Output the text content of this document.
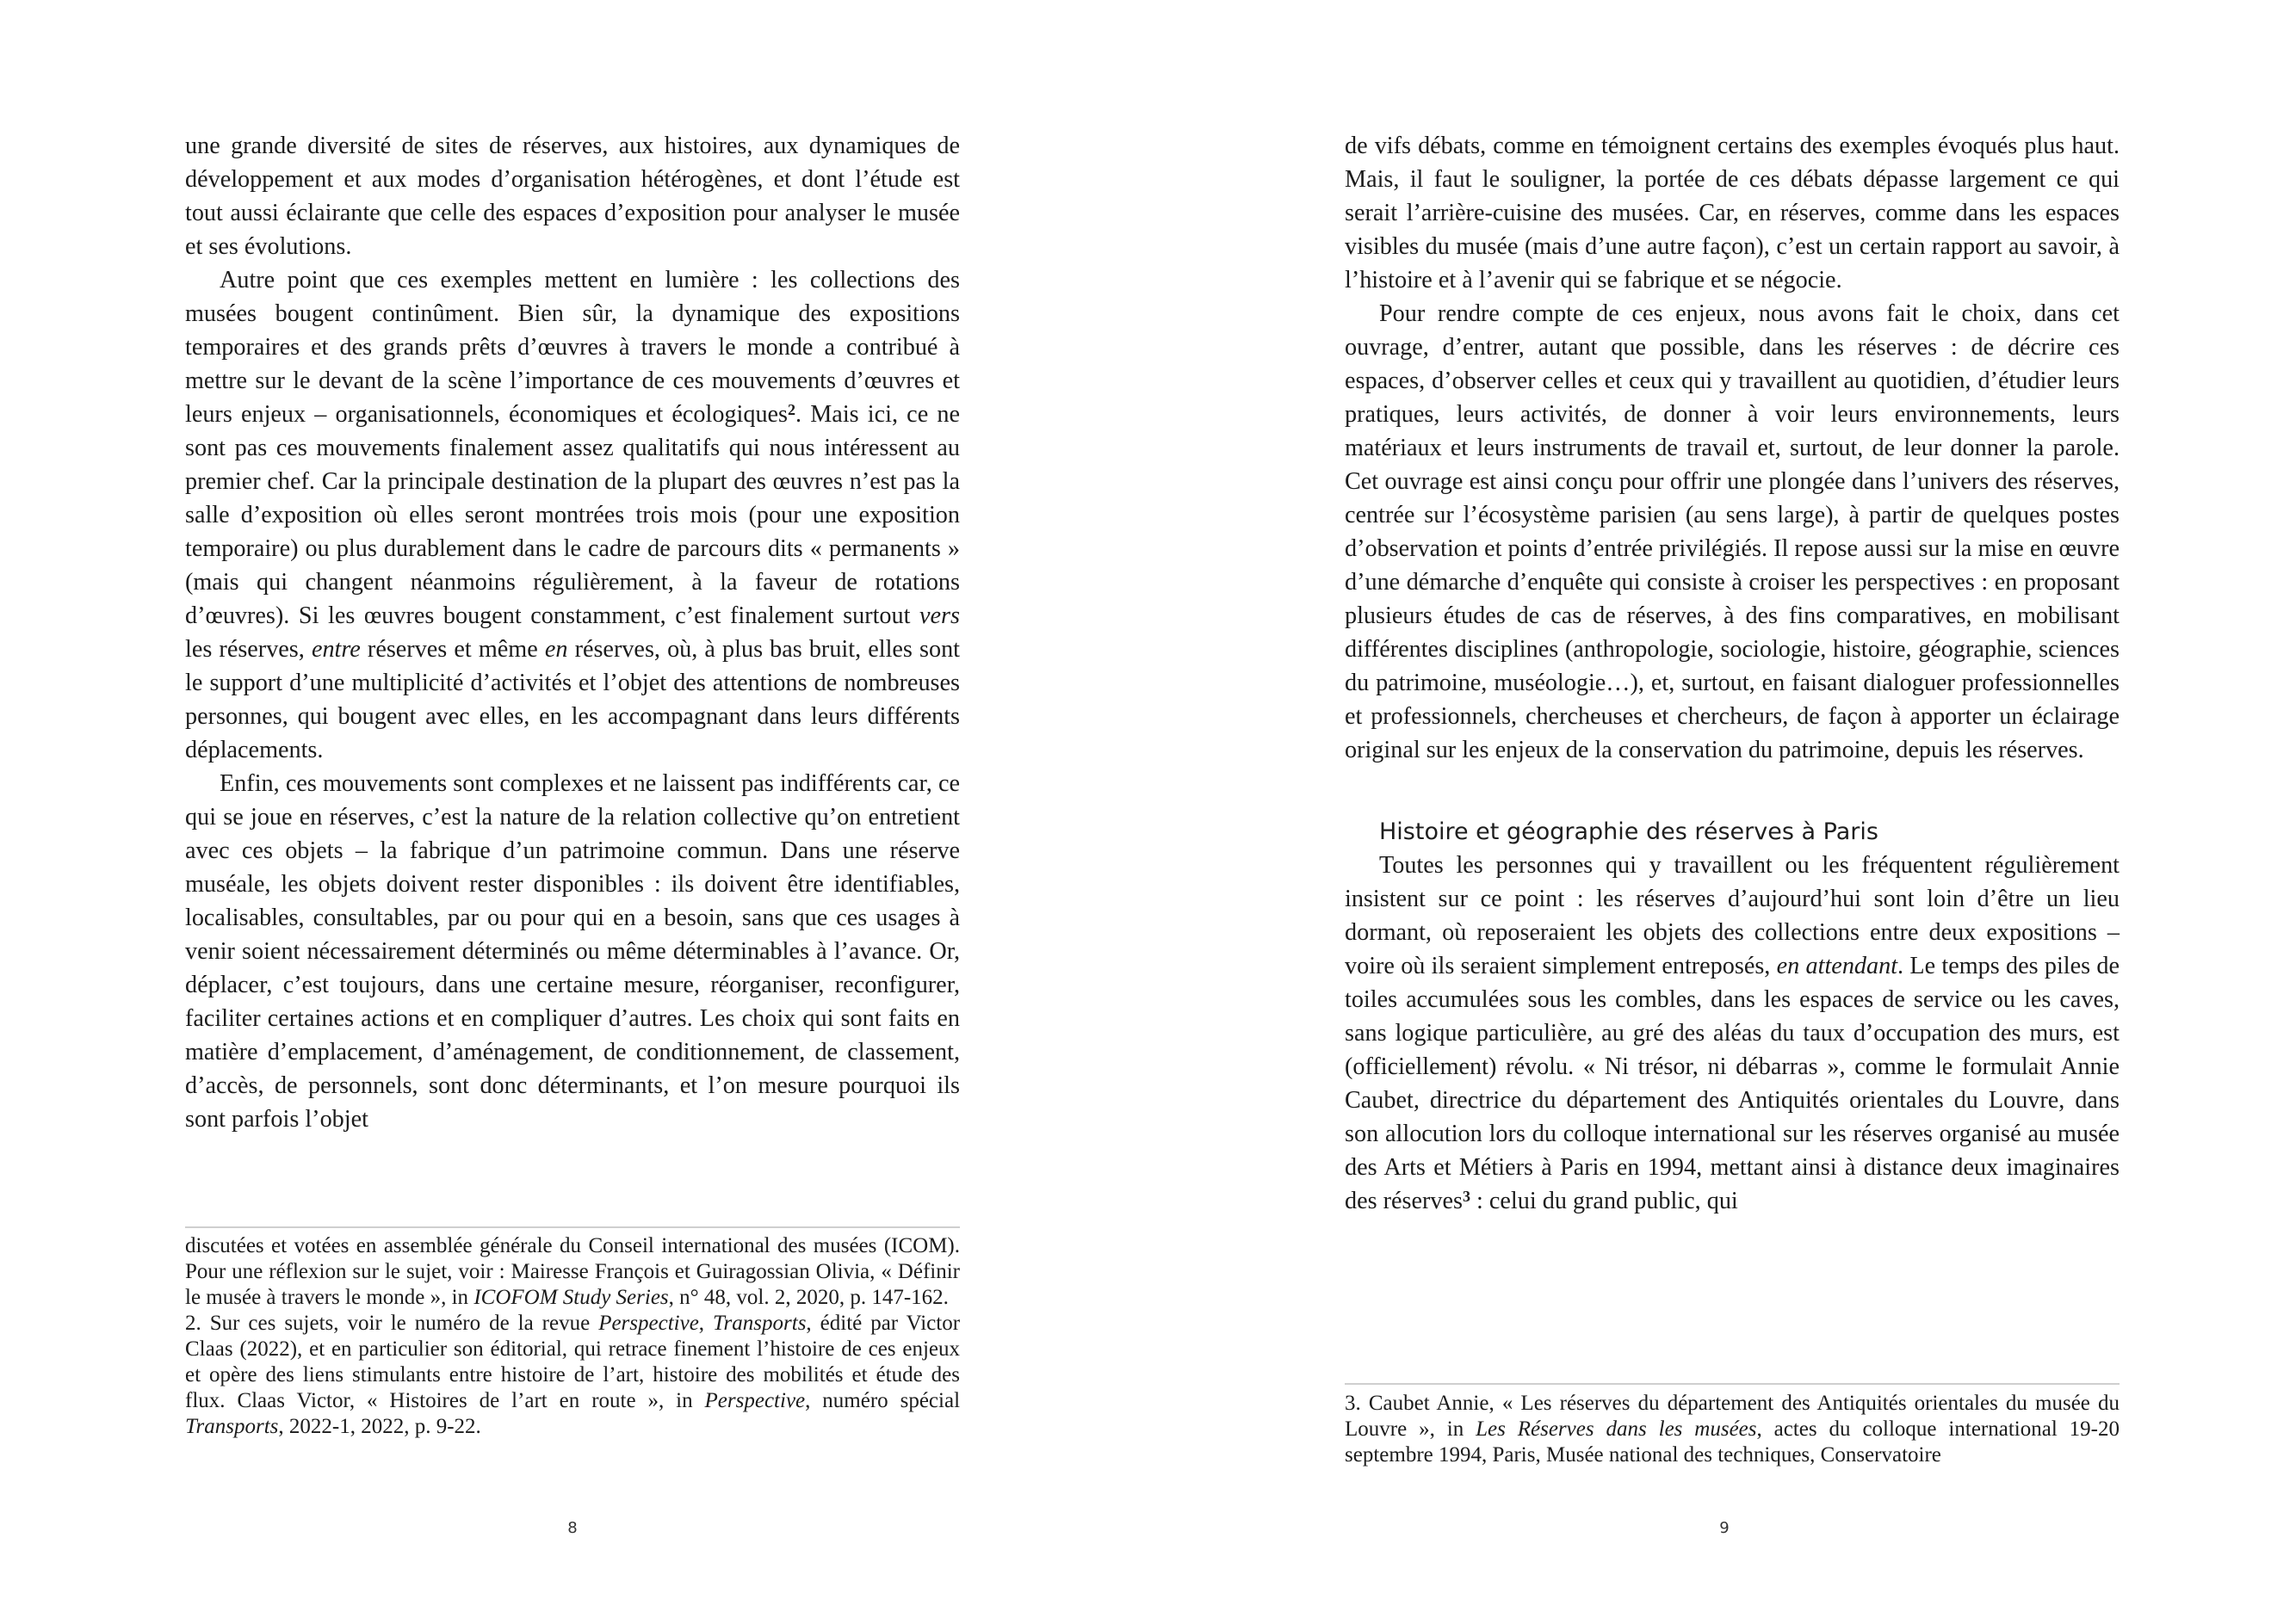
une grande diversité de sites de réserves, aux histoires, aux dynamiques de développement et aux modes d’organisation hétérogènes, et dont l’étude est tout aussi éclairante que celle des espaces d’exposition pour analyser le musée et ses évolutions.

Autre point que ces exemples mettent en lumière : les collections des musées bougent continûment. Bien sûr, la dynamique des expositions temporaires et des grands prêts d’œuvres à travers le monde a contribué à mettre sur le devant de la scène l’importance de ces mouvements d’œuvres et leurs enjeux – organisationnels, économiques et écologiques$^2$. Mais ici, ce ne sont pas ces mouvements finalement assez qualitatifs qui nous intéressent au premier chef. Car la principale destination de la plupart des œuvres n’est pas la salle d’exposition où elles seront montrées trois mois (pour une exposition temporaire) ou plus durablement dans le cadre de parcours dits « permanents » (mais qui changent néanmoins régulièrement, à la faveur de rotations d’œuvres). Si les œuvres bougent constamment, c’est finalement surtout vers les réserves, entre réserves et même en réserves, où, à plus bas bruit, elles sont le support d’une multiplicité d’activités et l’objet des attentions de nombreuses personnes, qui bougent avec elles, en les accompagnant dans leurs différents déplacements.

Enfin, ces mouvements sont complexes et ne laissent pas indifférents car, ce qui se joue en réserves, c’est la nature de la relation collective qu’on entretient avec ces objets – la fabrique d’un patrimoine commun. Dans une réserve muséale, les objets doivent rester disponibles : ils doivent être identifiables, localisables, consultables, par ou pour qui en a besoin, sans que ces usages à venir soient nécessairement déterminés ou même déterminables à l’avance. Or, déplacer, c’est toujours, dans une certaine mesure, réorganiser, reconfigurer, faciliter certaines actions et en compliquer d’autres. Les choix qui sont faits en matière d’emplacement, d’aménagement, de conditionnement, de classement, d’accès, de personnels, sont donc déterminants, et l’on mesure pourquoi ils sont parfois l’objet

discutées et votées en assemblée générale du Conseil international des musées (ICOM). Pour une réflexion sur le sujet, voir : Mairesse François et Guiragossian Olivia, « Définir le musée à travers le monde », in ICOFOM Study Series, n° 48, vol. 2, 2020, p. 147-162.

2. Sur ces sujets, voir le numéro de la revue Perspective, Transports, édité par Victor Claas (2022), et en particulier son éditorial, qui retrace finement l’histoire de ces enjeux et opère des liens stimulants entre histoire de l’art, histoire des mobilités et étude des flux. Claas Victor, « Histoires de l’art en route », in Perspective, numéro spécial Transports, 2022-1, 2022, p. 9-22.

8

de vifs débats, comme en témoignent certains des exemples évoqués plus haut. Mais, il faut le souligner, la portée de ces débats dépasse largement ce qui serait l’arrière-cuisine des musées. Car, en réserves, comme dans les espaces visibles du musée (mais d’une autre façon), c’est un certain rapport au savoir, à l’histoire et à l’avenir qui se fabrique et se négocie.

Pour rendre compte de ces enjeux, nous avons fait le choix, dans cet ouvrage, d’entrer, autant que possible, dans les réserves : de décrire ces espaces, d’observer celles et ceux qui y travaillent au quotidien, d’étudier leurs pratiques, leurs activités, de donner à voir leurs environnements, leurs matériaux et leurs instruments de travail et, surtout, de leur donner la parole. Cet ouvrage est ainsi conçu pour offrir une plongée dans l’univers des réserves, centrée sur l’écosystème parisien (au sens large), à partir de quelques postes d’observation et points d’entrée privilégiés. Il repose aussi sur la mise en œuvre d’une démarche d’enquête qui consiste à croiser les perspectives : en proposant plusieurs études de cas de réserves, à des fins comparatives, en mobilisant différentes disciplines (anthropologie, sociologie, histoire, géographie, sciences du patrimoine, muséologie…), et, surtout, en faisant dialoguer professionnelles et professionnels, chercheuses et chercheurs, de façon à apporter un éclairage original sur les enjeux de la conservation du patrimoine, depuis les réserves.

Histoire et géographie des réserves à Paris

Toutes les personnes qui y travaillent ou les fréquentent régulièrement insistent sur ce point : les réserves d’aujourd’hui sont loin d’être un lieu dormant, où reposeraient les objets des collections entre deux expositions – voire où ils seraient simplement entreposés, en attendant. Le temps des piles de toiles accumulées sous les combles, dans les espaces de service ou les caves, sans logique particulière, au gré des aléas du taux d’occupation des murs, est (officiellement) révolu. « Ni trésor, ni débarras », comme le formulait Annie Caubet, directrice du département des Antiquités orientales du Louvre, dans son allocution lors du colloque international sur les réserves organisé au musée des Arts et Métiers à Paris en 1994, mettant ainsi à distance deux imaginaires des réserves$^3$ : celui du grand public, qui

3. Caubet Annie, « Les réserves du département des Antiquités orientales du musée du Louvre », in Les Réserves dans les musées, actes du colloque international 19-20 septembre 1994, Paris, Musée national des techniques, Conservatoire

9
